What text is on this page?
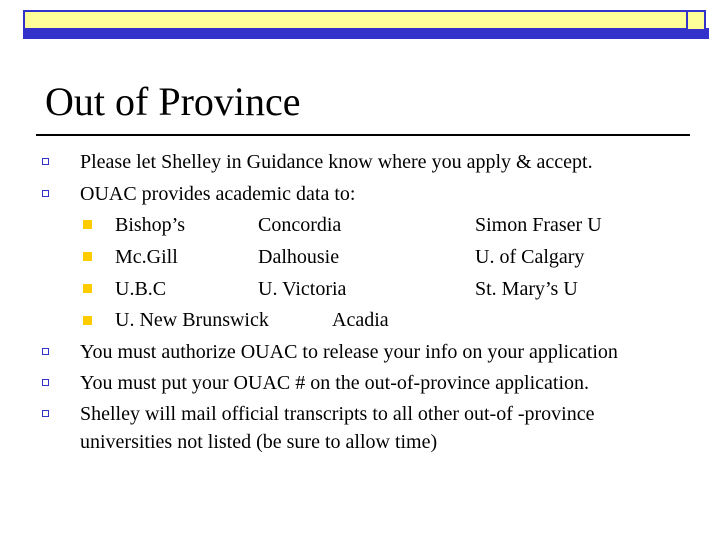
Out of Province
Please let Shelley in Guidance know where you apply & accept.
OUAC provides academic data to:
Bishop’s	Concordia	Simon Fraser U
Mc.Gill	Dalhousie	U. of Calgary
U.B.C	U. Victoria	St. Mary’s U
U. New Brunswick	Acadia
You must authorize OUAC to release your info on your application
You must put your OUAC # on the out-of-province application.
Shelley will mail official transcripts to all other out-of -province
universities not listed (be sure to allow time)
